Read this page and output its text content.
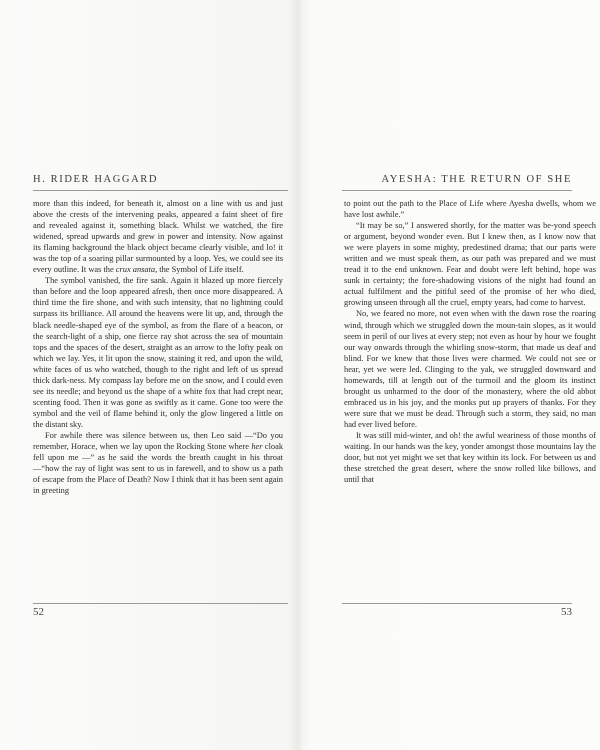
H. RIDER HAGGARD

more than this indeed, for beneath it, almost on a line with us and just above the crests of the intervening peaks, appeared a faint sheet of fire and revealed against it, something black. Whilst we watched, the fire widened, spread upwards and grew in power and intensity. Now against its flaming background the black object became clearly visible, and lo! it was the top of a soaring pillar surmounted by a loop. Yes, we could see its every outline. It was the crux ansata, the Symbol of Life itself.

The symbol vanished, the fire sank. Again it blazed up more fiercely than before and the loop appeared afresh, then once more disappeared. A third time the fire shone, and with such intensity, that no lightning could surpass its brilliance. All around the heavens were lit up, and, through the black needle-shaped eye of the symbol, as from the flare of a beacon, or the search-light of a ship, one fierce ray shot across the sea of mountain tops and the spaces of the desert, straight as an arrow to the lofty peak on which we lay. Yes, it lit upon the snow, staining it red, and upon the wild, white faces of us who watched, though to the right and left of us spread thick dark-ness. My compass lay before me on the snow, and I could even see its needle; and beyond us the shape of a white fox that had crept near, scenting food. Then it was gone as swiftly as it came. Gone too were the symbol and the veil of flame behind it, only the glow lingered a little on the distant sky.

For awhile there was silence between us, then Leo said —“Do you remember, Horace, when we lay upon the Rocking Stone where her cloak fell upon me —” as he said the words the breath caught in his throat —“how the ray of light was sent to us in farewell, and to show us a path of escape from the Place of Death? Now I think that it has been sent again in greeting

52
AYESHA: THE RETURN OF SHE

to point out the path to the Place of Life where Ayesha dwells, whom we have lost awhile.”

“It may be so,” I answered shortly, for the matter was be-yond speech or argument, beyond wonder even. But I knew then, as I know now that we were players in some mighty, predestined drama; that our parts were written and we must speak them, as our path was prepared and we must tread it to the end unknown. Fear and doubt were left behind, hope was sunk in certainty; the fore-shadowing visions of the night had found an actual fulfilment and the pitiful seed of the promise of her who died, growing unseen through all the cruel, empty years, had come to harvest.

No, we feared no more, not even when with the dawn rose the roaring wind, through which we struggled down the moun-tain slopes, as it would seem in peril of our lives at every step; not even as hour by hour we fought our way onwards through the whirling snow-storm, that made us deaf and blind. For we knew that those lives were charmed. We could not see or hear, yet we were led. Clinging to the yak, we struggled downward and homewards, till at length out of the turmoil and the gloom its instinct brought us unharmed to the door of the monastery, where the old abbot embraced us in his joy, and the monks put up prayers of thanks. For they were sure that we must be dead. Through such a storm, they said, no man had ever lived before.

It was still mid-winter, and oh! the awful weariness of those months of waiting. In our hands was the key, yonder amongst those mountains lay the door, but not yet might we set that key within its lock. For between us and these stretched the great desert, where the snow rolled like billows, and until that

53
